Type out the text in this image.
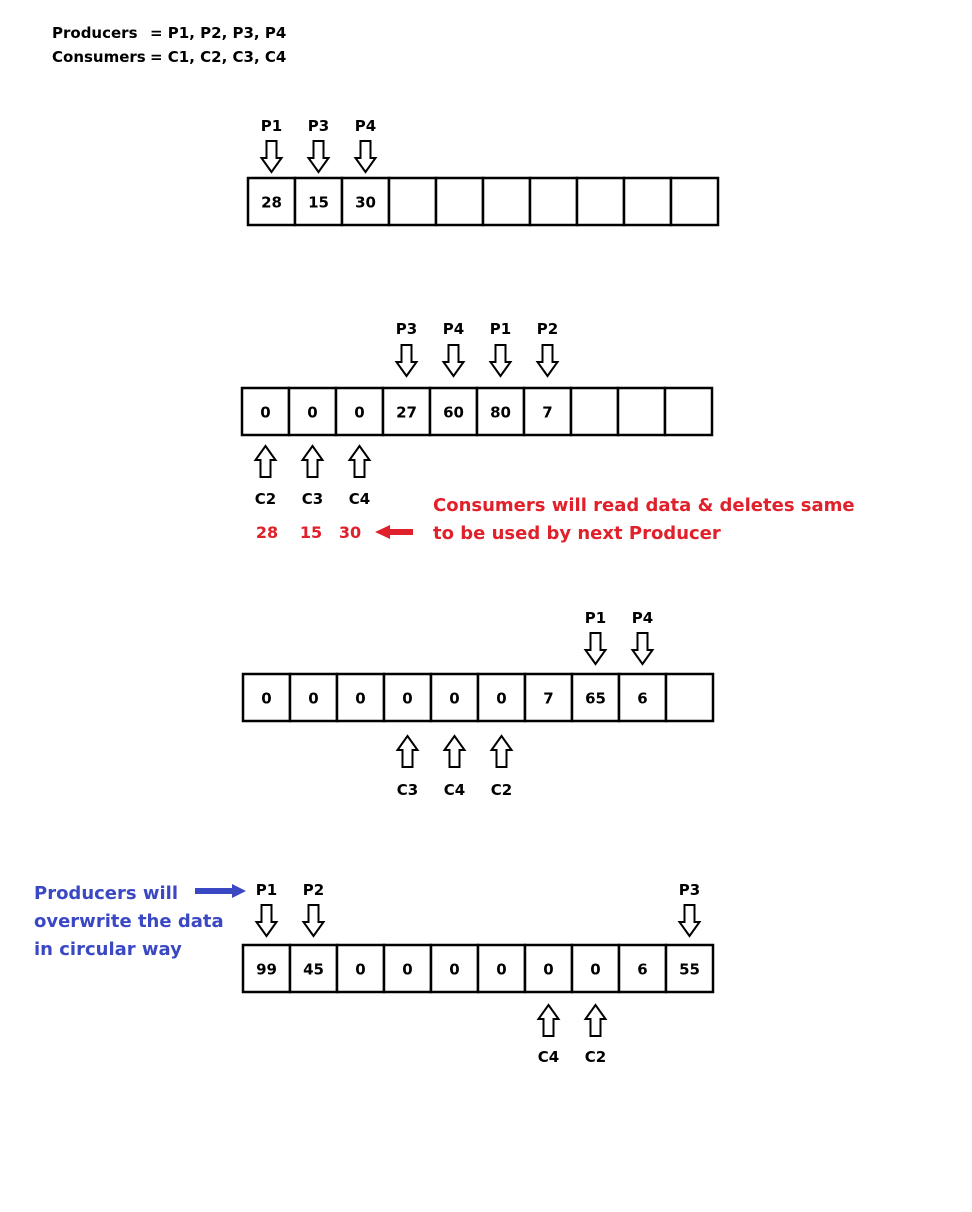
Producers = P1, P2, P3, P4
Consumers = C1, C2, C3, C4
28 15 30
P1 P3 P4
0 0 0 27 60 80 7
P3 P4 P1 P2
C2 C3 C4
0 0 0 0 0 0 7 65 6
P1 P4
C3 C4 C2
99 45 0 0 0 0 0 0 6 55
P1 P2	P3
C4 C2
28 15 30
Consumers will read data & deletes same
to be used by next Producer
Producers will
overwrite the data
in circular way
